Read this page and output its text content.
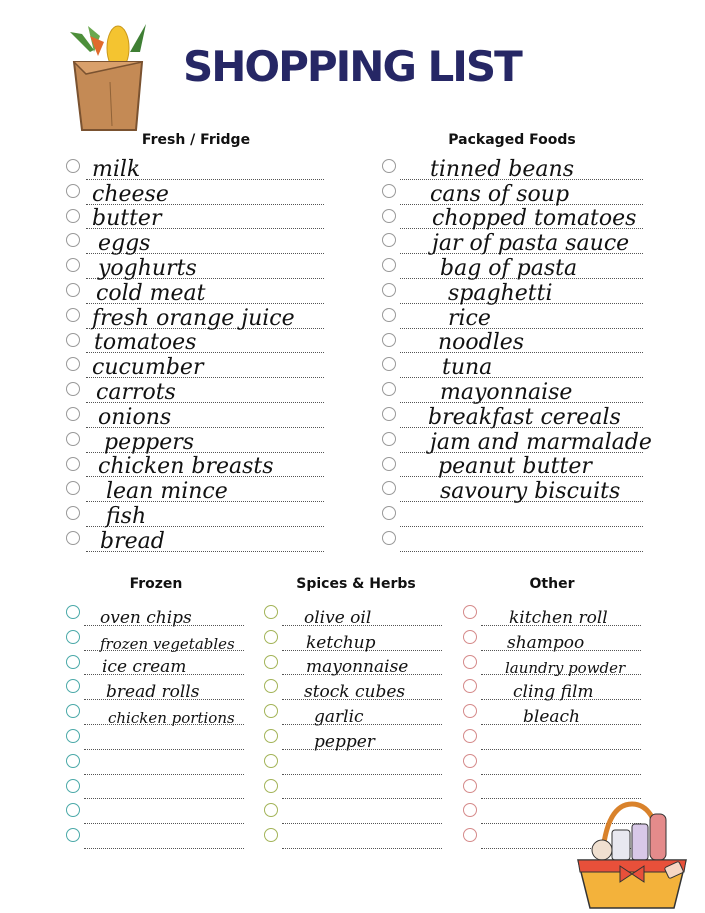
SHOPPING LIST
Fresh / Fridge	Packaged Foods
Frozen	Spices & Herbs	Other
milk
cheese
butter
eggs
yoghurts
cold meat
fresh orange juice
tomatoes
cucumber
carrots
onions
peppers
chicken breasts
lean mince
fish
bread
tinned beans
cans of soup
chopped tomatoes
jar of pasta sauce
bag of pasta
spaghetti
rice
noodles
tuna
mayonnaise
breakfast cereals
jam and marmalade
peanut butter
savoury biscuits
oven chips
frozen vegetables
ice cream
bread rolls
chicken portions
olive oil
ketchup
mayonnaise
stock cubes
garlic
pepper
kitchen roll
shampoo
laundry powder
cling film
bleach
